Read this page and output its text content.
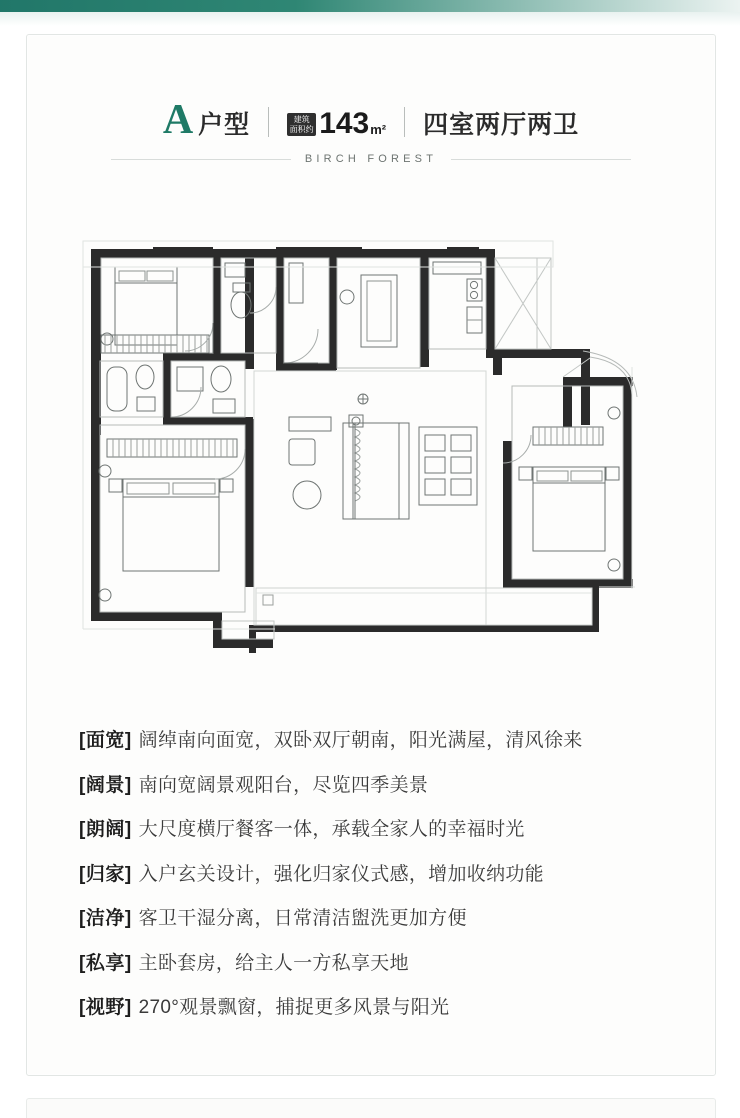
A 户型	建筑
面积约 143 m² 四室两厅两卫
BIRCH FOREST
[面宽] 阔绰南向面宽，双卧双厅朝南，阳光满屋，清风徐来
[阔景] 南向宽阔景观阳台，尽览四季美景
[朗阔] 大尺度横厅餐客一体，承载全家人的幸福时光
[归家] 入户玄关设计，强化归家仪式感，增加收纳功能
[洁净] 客卫干湿分离，日常清洁盥洗更加方便
[私享] 主卧套房，给主人一方私享天地
[视野] 270°观景飘窗，捕捉更多风景与阳光
